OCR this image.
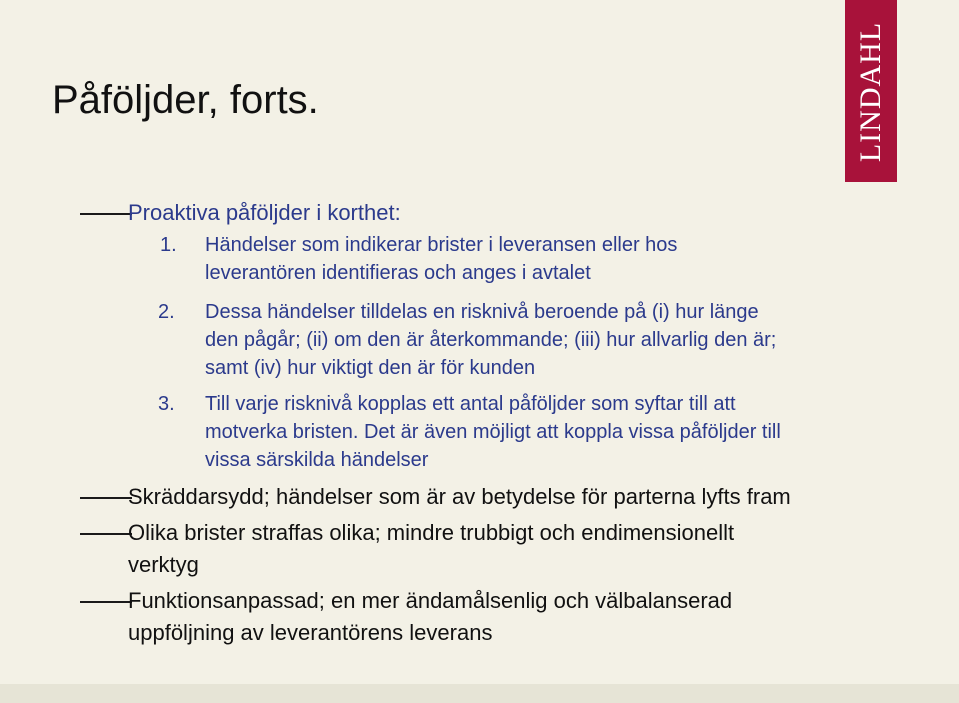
LINDAHL
Påföljder, forts.
Proaktiva påföljder i korthet:
1. Händelser som indikerar brister i leveransen eller hos
leverantören identifieras och anges i avtalet
2. Dessa händelser tilldelas en risknivå beroende på (i) hur länge
den pågår; (ii) om den är återkommande; (iii) hur allvarlig den är;
samt (iv) hur viktigt den är för kunden
3. Till varje risknivå kopplas ett antal påföljder som syftar till att
motverka bristen. Det är även möjligt att koppla vissa påföljder till
vissa särskilda händelser
Skräddarsydd; händelser som är av betydelse för parterna lyfts fram
Olika brister straffas olika; mindre trubbigt och endimensionellt
verktyg
Funktionsanpassad; en mer ändamålsenlig och välbalanserad
uppföljning av leverantörens leverans
